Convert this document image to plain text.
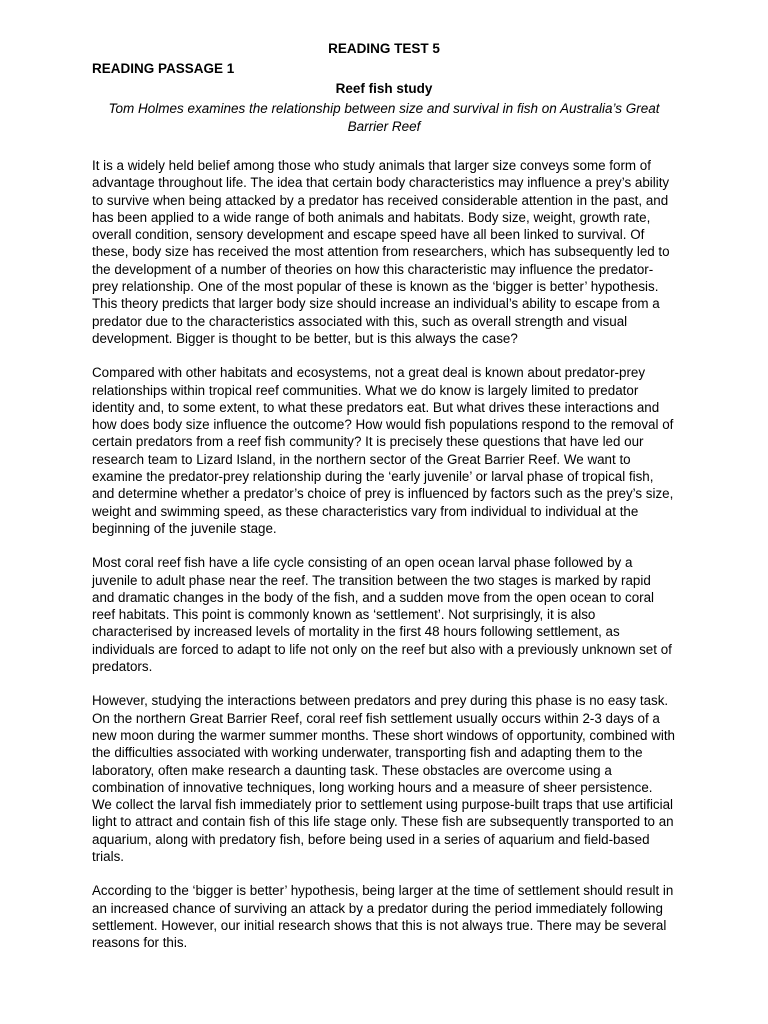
READING TEST 5
READING PASSAGE 1
Reef fish study
Tom Holmes examines the relationship between size and survival in fish on Australia’s Great Barrier Reef

It is a widely held belief among those who study animals that larger size conveys some form of advantage throughout life. The idea that certain body characteristics may influence a prey’s ability to survive when being attacked by a predator has received considerable attention in the past, and has been applied to a wide range of both animals and habitats. Body size, weight, growth rate, overall condition, sensory development and escape speed have all been linked to survival. Of these, body size has received the most attention from researchers, which has subsequently led to the development of a number of theories on how this characteristic may influence the predator-prey relationship. One of the most popular of these is known as the ‘bigger is better’ hypothesis. This theory predicts that larger body size should increase an individual’s ability to escape from a predator due to the characteristics associated with this, such as overall strength and visual development. Bigger is thought to be better, but is this always the case?

Compared with other habitats and ecosystems, not a great deal is known about predator-prey relationships within tropical reef communities. What we do know is largely limited to predator identity and, to some extent, to what these predators eat. But what drives these interactions and how does body size influence the outcome? How would fish populations respond to the removal of certain predators from a reef fish community? It is precisely these questions that have led our research team to Lizard Island, in the northern sector of the Great Barrier Reef. We want to examine the predator-prey relationship during the ‘early juvenile’ or larval phase of tropical fish, and determine whether a predator’s choice of prey is influenced by factors such as the prey’s size, weight and swimming speed, as these characteristics vary from individual to individual at the beginning of the juvenile stage.

Most coral reef fish have a life cycle consisting of an open ocean larval phase followed by a juvenile to adult phase near the reef. The transition between the two stages is marked by rapid and dramatic changes in the body of the fish, and a sudden move from the open ocean to coral reef habitats. This point is commonly known as ‘settlement’. Not surprisingly, it is also characterised by increased levels of mortality in the first 48 hours following settlement, as individuals are forced to adapt to life not only on the reef but also with a previously unknown set of predators.

However, studying the interactions between predators and prey during this phase is no easy task. On the northern Great Barrier Reef, coral reef fish settlement usually occurs within 2-3 days of a new moon during the warmer summer months. These short windows of opportunity, combined with the difficulties associated with working underwater, transporting fish and adapting them to the laboratory, often make research a daunting task. These obstacles are overcome using a combination of innovative techniques, long working hours and a measure of sheer persistence. We collect the larval fish immediately prior to settlement using purpose-built traps that use artificial light to attract and contain fish of this life stage only. These fish are subsequently transported to an aquarium, along with predatory fish, before being used in a series of aquarium and field-based trials.

According to the ‘bigger is better’ hypothesis, being larger at the time of settlement should result in an increased chance of surviving an attack by a predator during the period immediately following settlement. However, our initial research shows that this is not always true. There may be several reasons for this.
